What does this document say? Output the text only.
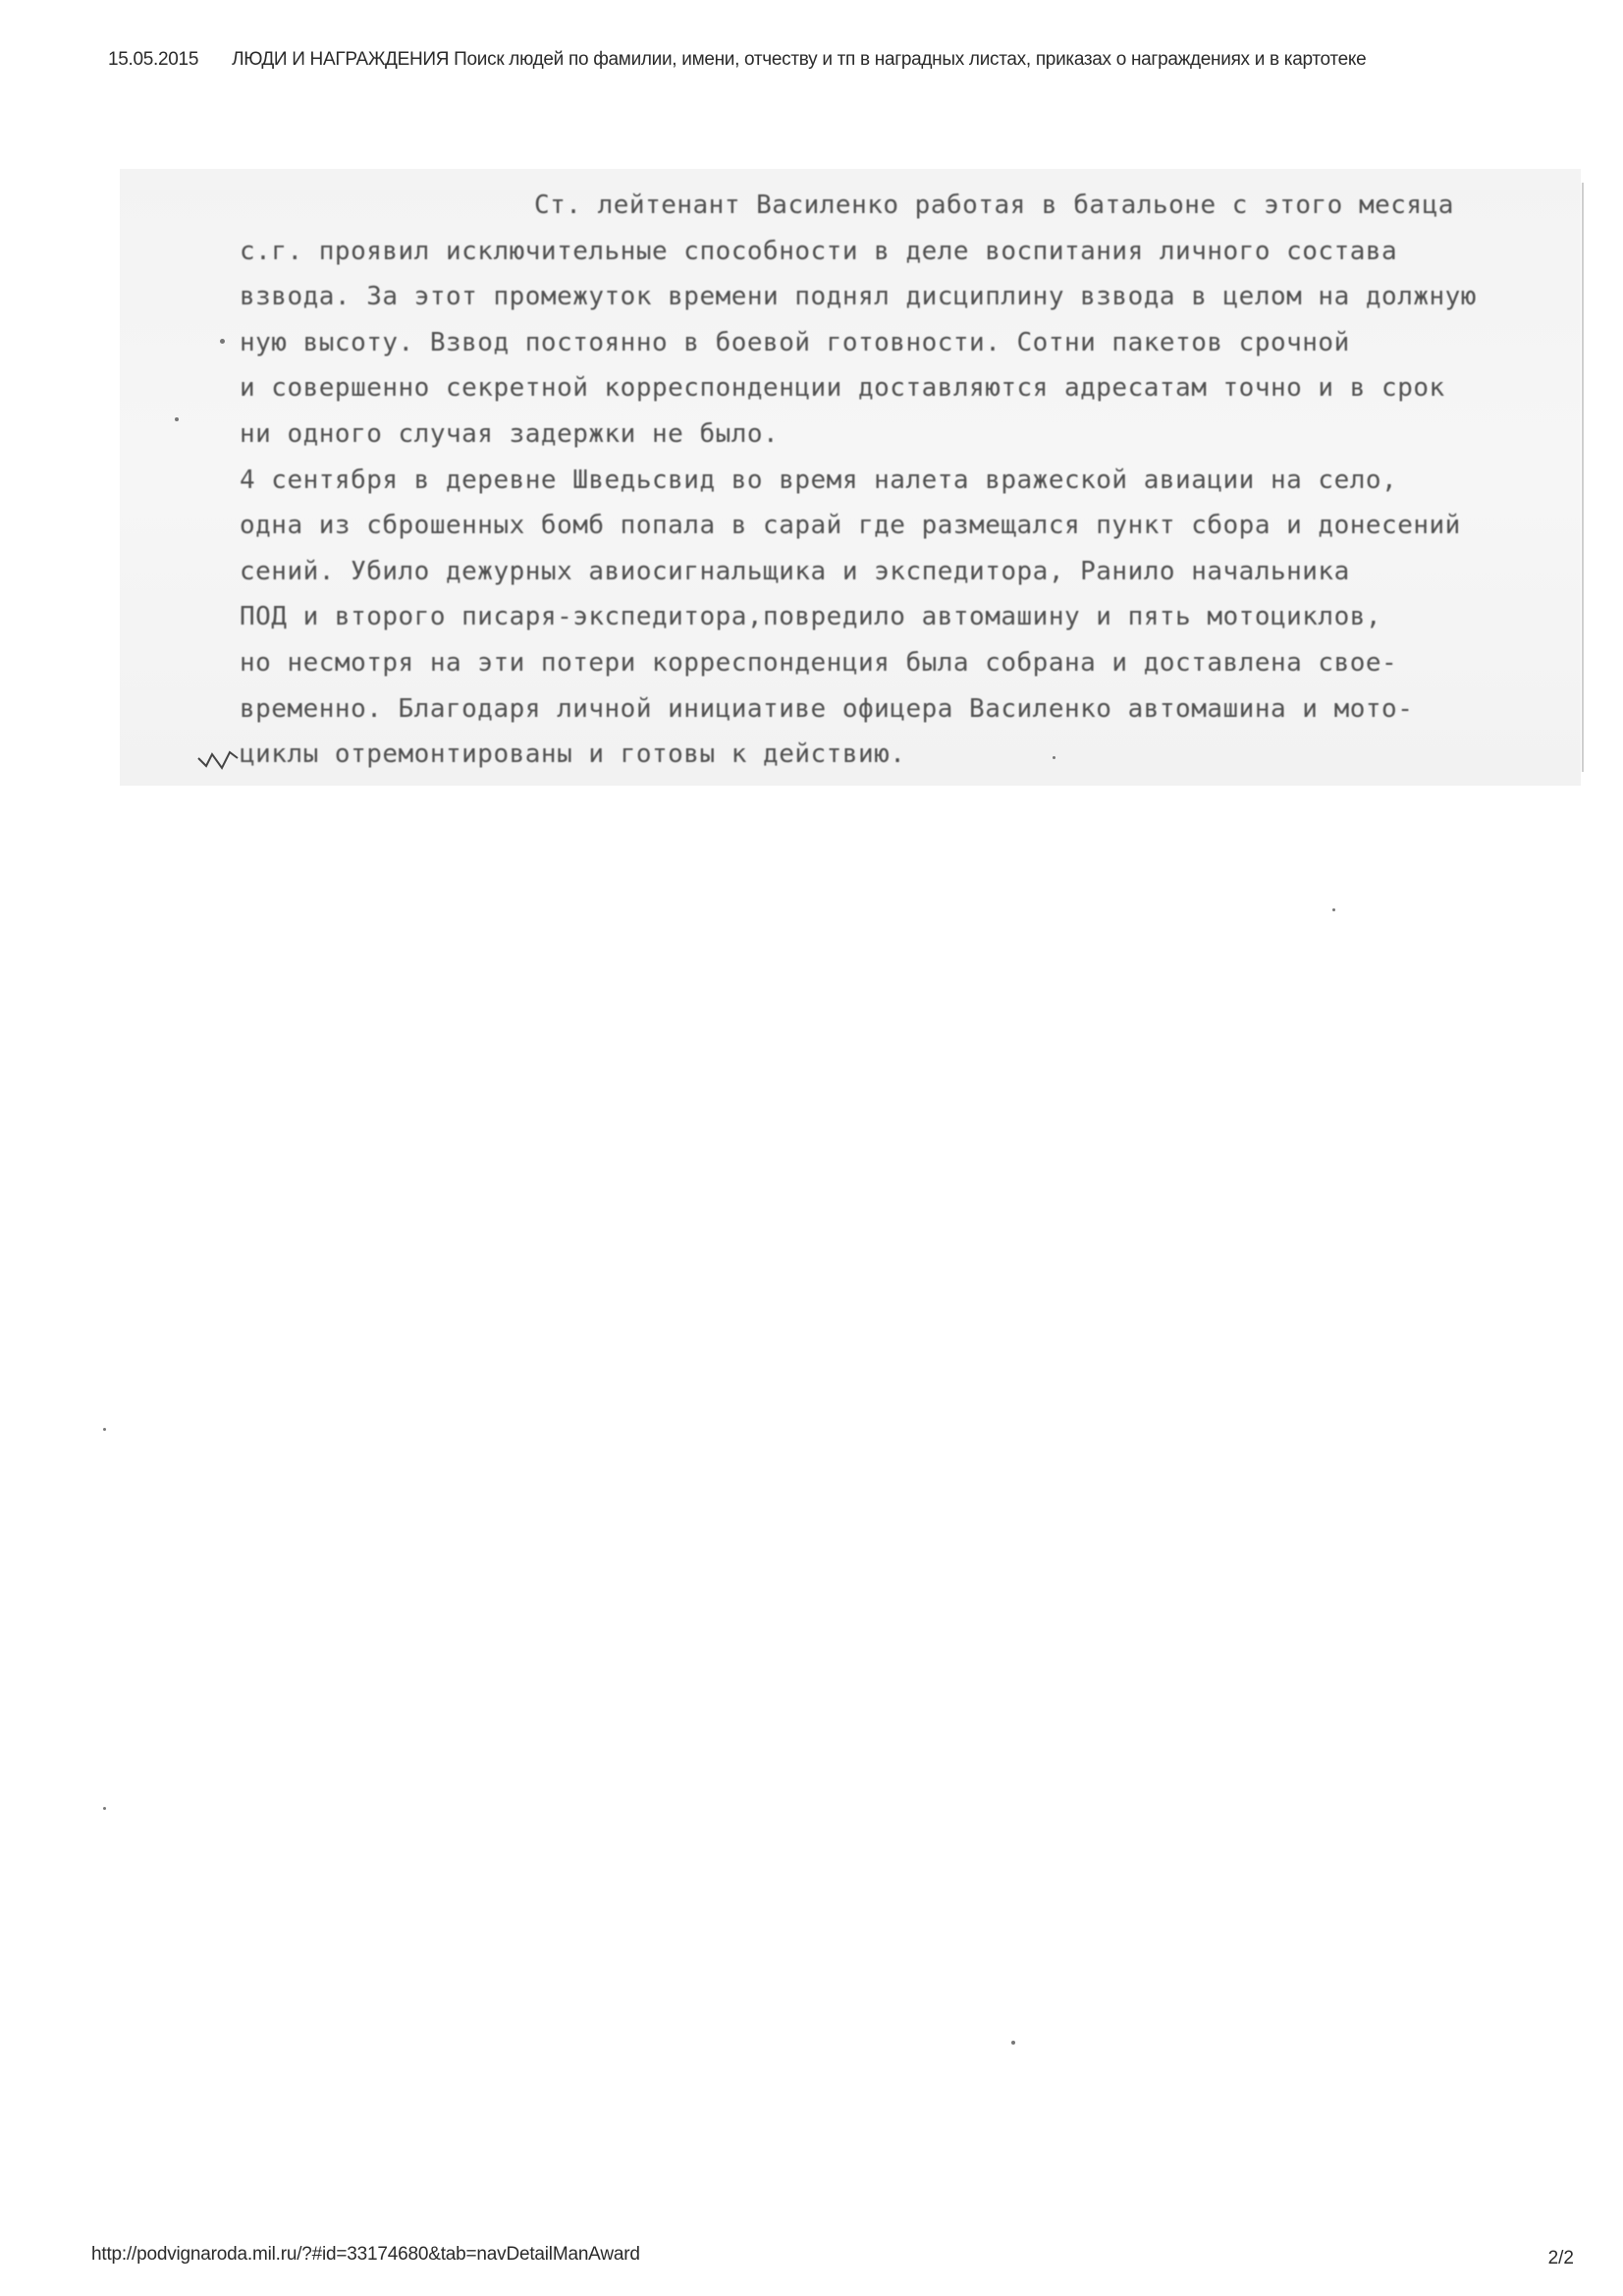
15.05.2015 ЛЮДИ И НАГРАЖДЕНИЯ Поиск людей по фамилии, имени, отчеству и тп в наградных листах, приказах о награждениях и в картотеке
Ст. лейтенант Василенко работая в батальоне с этого месяца
с.г. проявил исключительные способности в деле воспитания личного состава
взвода. За этот промежуток времени поднял дисциплину взвода в целом на должную
ную высоту. Взвод постоянно в боевой готовности. Сотни пакетов срочной
и совершенно секретной корреспонденции доставляются адресатам точно и в срок
ни одного случая задержки не было.
4 сентября в деревне Шведьсвид во время налета вражеской авиации на село,
одна из сброшенных бомб попала в сарай где размещался пункт сбора и донесений
сений. Убило дежурных авиосигнальщика и экспедитора, Ранило начальника
ПОД и второго писаря-экспедитора,повредило автомашину и пять мотоциклов,
но несмотря на эти потери корреспонденция была собрана и доставлена свое-
временно. Благодаря личной инициативе офицера Василенко автомашина и мото-
циклы отремонтированы и готовы к действию.
http://podvignaroda.mil.ru/?#id=33174680&tab=navDetailManAward	2/2
